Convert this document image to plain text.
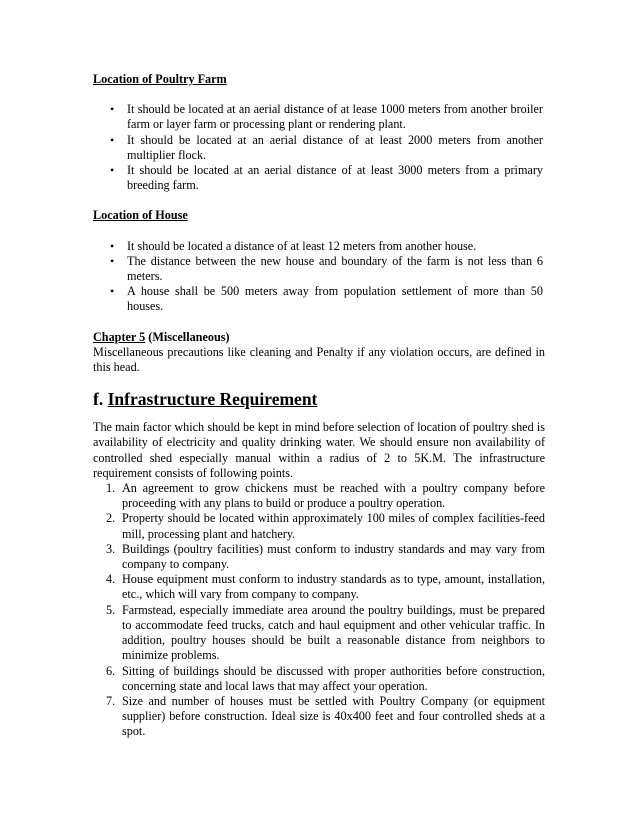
Location of Poultry Farm

• It should be located at an aerial distance of at lease 1000 meters from another broiler farm or layer farm or processing plant or rendering plant.
• It should be located at an aerial distance of at least 2000 meters from another multiplier flock.
• It should be located at an aerial distance of at least 3000 meters from a primary breeding farm.

Location of House

• It should be located a distance of at least 12 meters from another house.
• The distance between the new house and boundary of the farm is not less than 6 meters.
• A house shall be 500 meters away from population settlement of more than 50 houses.

Chapter 5 (Miscellaneous)

Miscellaneous precautions like cleaning and Penalty if any violation occurs, are defined in this head.

f. Infrastructure Requirement

The main factor which should be kept in mind before selection of location of poultry shed is availability of electricity and quality drinking water. We should ensure non availability of controlled shed especially manual within a radius of 2 to 5K.M. The infrastructure requirement consists of following points.

1. An agreement to grow chickens must be reached with a poultry company before proceeding with any plans to build or produce a poultry operation.
2. Property should be located within approximately 100 miles of complex facilities-feed mill, processing plant and hatchery.
3. Buildings (poultry facilities) must conform to industry standards and may vary from company to company.
4. House equipment must conform to industry standards as to type, amount, installation, etc., which will vary from company to company.
5. Farmstead, especially immediate area around the poultry buildings, must be prepared to accommodate feed trucks, catch and haul equipment and other vehicular traffic. In addition, poultry houses should be built a reasonable distance from neighbors to minimize problems.
6. Sitting of buildings should be discussed with proper authorities before construction, concerning state and local laws that may affect your operation.
7. Size and number of houses must be settled with Poultry Company (or equipment supplier) before construction. Ideal size is 40x400 feet and four controlled sheds at a spot.
